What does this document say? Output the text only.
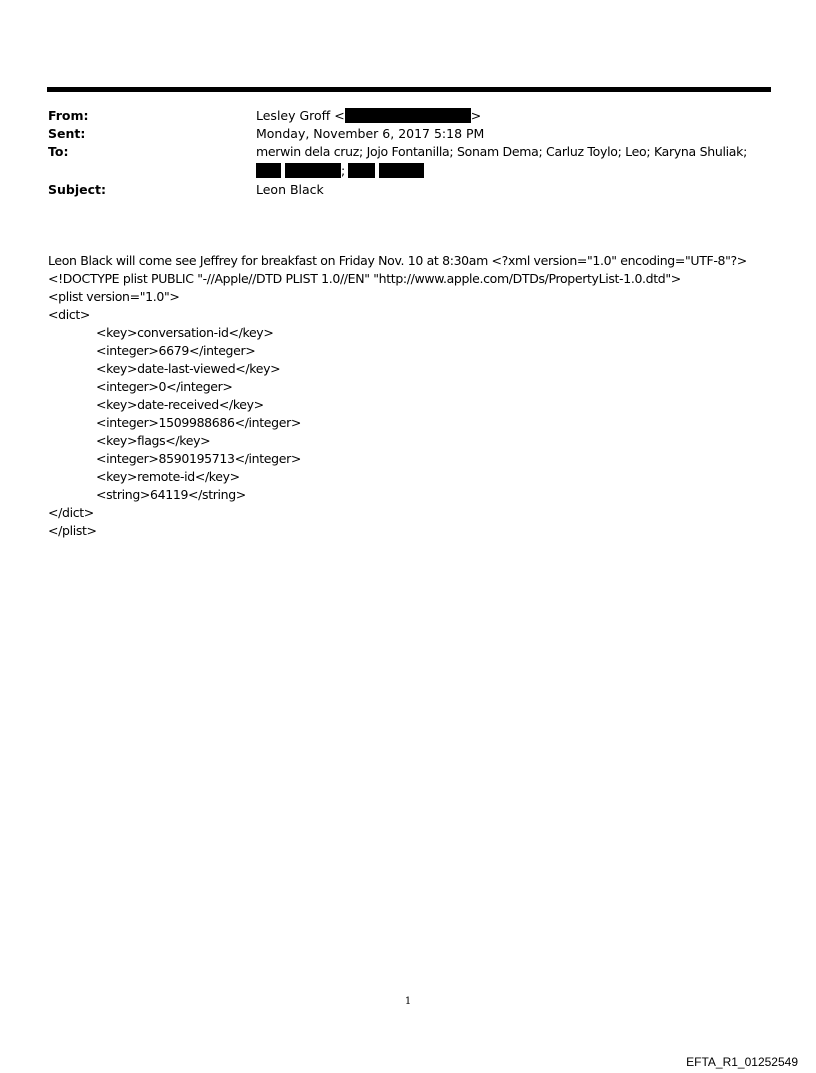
From:	Lesley Groff <	>
Sent:	Monday, November 6, 2017 5:18 PM
To:	merwin dela cruz; Jojo Fontanilla; Sonam Dema; Carluz Toylo; Leo; Karyna Shuliak;
;
Subject:	Leon Black

Leon Black will come see Jeffrey for breakfast on Friday Nov. 10 at 8:30am <?xml version="1.0" encoding="UTF-8"?>
<!DOCTYPE plist PUBLIC "-//Apple//DTD PLIST 1.0//EN" "http://www.apple.com/DTDs/PropertyList-1.0.dtd">
<plist version="1.0">
<dict>
<key>conversation-id</key>
<integer>6679</integer>
<key>date-last-viewed</key>
<integer>0</integer>
<key>date-received</key>
<integer>1509988686</integer>
<key>flags</key>
<integer>8590195713</integer>
<key>remote-id</key>
<string>64119</string>
</dict>
</plist>

1
EFTA_R1_01252549
